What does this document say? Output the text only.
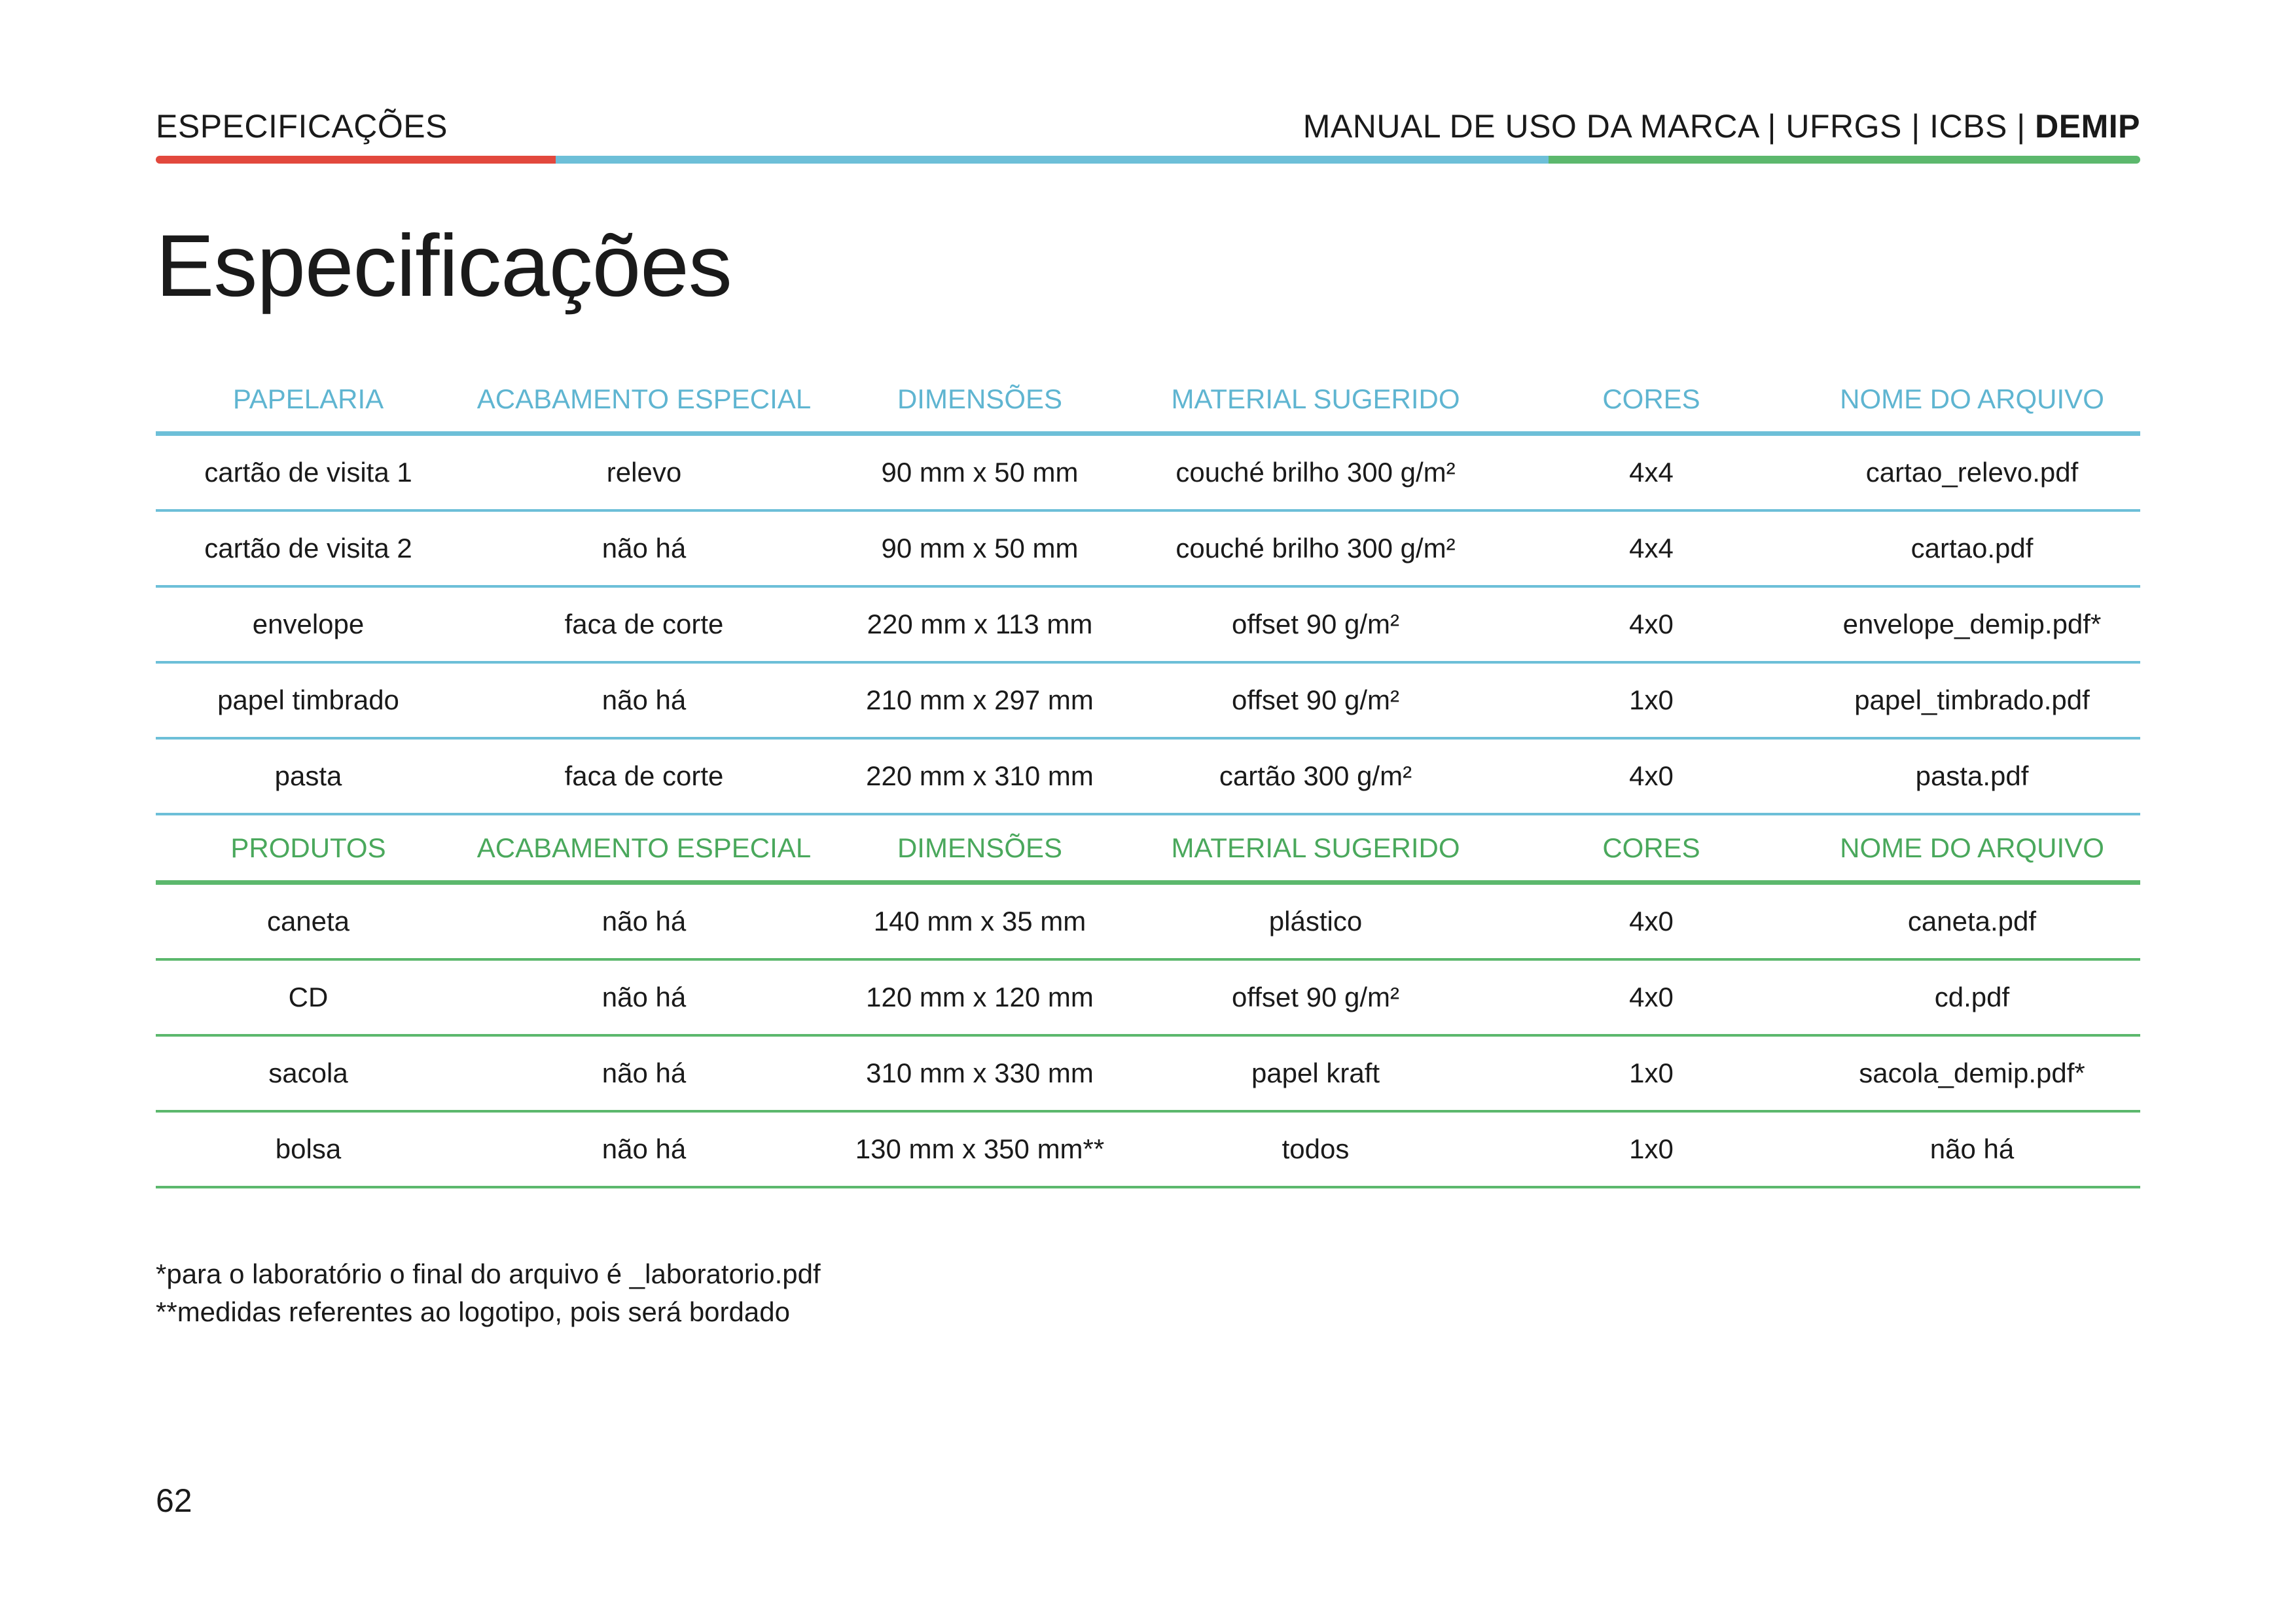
ESPECIFICAÇÕES	MANUAL DE USO DA MARCA | UFRGS | ICBS | DEMIP
Especificações
PAPELARIA	ACABAMENTO ESPECIAL	DIMENSÕES	MATERIAL SUGERIDO	CORES	NOME DO ARQUIVO
cartão de visita 1	relevo	90 mm x 50 mm	couché brilho 300 g/m²	4x4	cartao_relevo.pdf
cartão de visita 2	não há	90 mm x 50 mm	couché brilho 300 g/m²	4x4	cartao.pdf
envelope	faca de corte	220 mm x 113 mm	offset 90 g/m²	4x0	envelope_demip.pdf*
papel timbrado	não há	210 mm x 297 mm	offset 90 g/m²	1x0	papel_timbrado.pdf
pasta	faca de corte	220 mm x 310 mm	cartão 300 g/m²	4x0	pasta.pdf
PRODUTOS	ACABAMENTO ESPECIAL	DIMENSÕES	MATERIAL SUGERIDO	CORES	NOME DO ARQUIVO
caneta	não há	140 mm x 35 mm	plástico	4x0	caneta.pdf
CD	não há	120 mm x 120 mm	offset 90 g/m²	4x0	cd.pdf
sacola	não há	310 mm x 330 mm	papel kraft	1x0	sacola_demip.pdf*
bolsa	não há	130 mm x 350 mm**	todos	1x0	não há
*para o laboratório o final do arquivo é _laboratorio.pdf
**medidas referentes ao logotipo, pois será bordado
62
